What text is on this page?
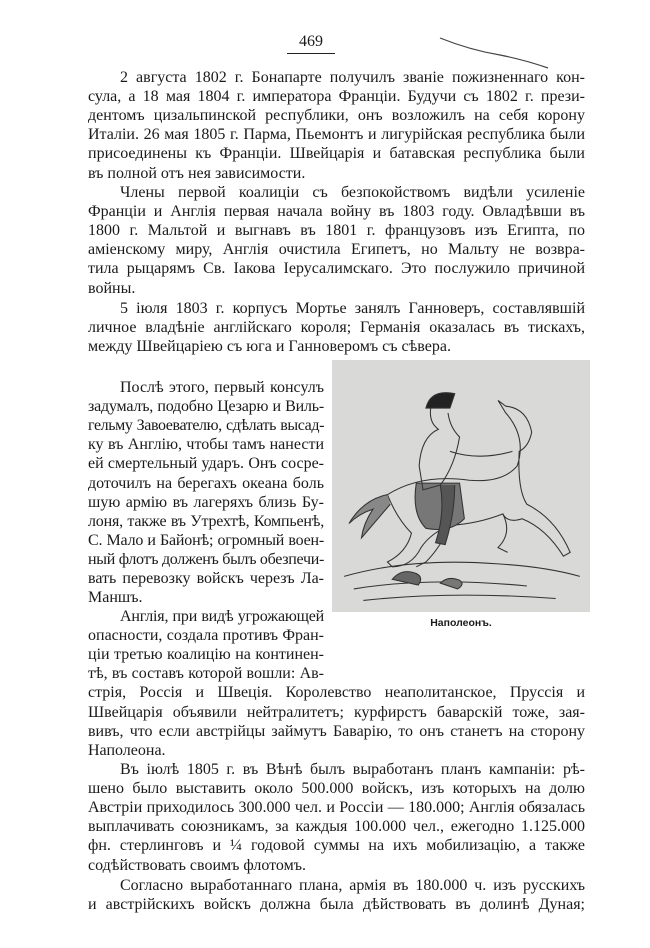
469
2 августа 1802 г. Бонапарте получилъ званіе пожизненнаго кон-
сула, а 18 мая 1804 г. императора Франціи. Будучи съ 1802 г. прези-
дентомъ цизальпинской республики, онъ возложилъ на себя корону
Италіи. 26 мая 1805 г. Парма, Пьемонтъ и лигурійская республика были
присоединены къ Франціи. Швейцарія и батавская республика были
въ полной отъ нея зависимости.
Члены первой коалиціи съ безпокойствомъ видѣли усиленіе
Франціи и Англія первая начала войну въ 1803 году. Овладѣвши въ
1800 г. Мальтой и выгнавъ въ 1801 г. французовъ изъ Египта, по
аміенскому миру, Англія очистила Египетъ, но Мальту не возвра-
тила рыцарямъ Св. Іакова Іерусалимскаго. Это послужило причиной
войны.
5 іюля 1803 г. корпусъ Мортье занялъ Ганноверъ, составлявшій
личное владѣніе англійскаго короля; Германія оказалась въ тискахъ,
между Швейцаріею съ юга и Ганноверомъ съ сѣвера.
Послѣ этого, первый консулъ
задумалъ, подобно Цезарю и Виль-
гельму Завоевателю, сдѣлать высад-
ку въ Англію, чтобы тамъ нанести
ей смертельный ударъ. Онъ сосре-
доточилъ на берегахъ океана боль
шую армію въ лагеряхъ близь Бу-
лоня, также въ Утрехтѣ, Компьенѣ,
С. Мало и Байонѣ; огромный воен-
ный флотъ долженъ былъ обезпечи-
вать перевозку войскъ черезъ Ла-
Маншъ.
Англія, при видѣ угрожающей
опасности, создала противъ Фран-
ціи третью коалицію на континен-
тѣ, въ составъ которой вошли: Ав-
стрія, Россія и Швеція. Королевство неаполитанское, Пруссія и
Швейцарія объявили нейтралитетъ; курфирстъ баварскій тоже, зая-
вивъ, что если австрійцы займутъ Баварію, то онъ станетъ на сторону
Наполеона.
Въ іюлѣ 1805 г. въ Вѣнѣ былъ выработанъ планъ кампаніи: рѣ-
шено было выставить около 500.000 войскъ, изъ которыхъ на долю
Австріи приходилось 300.000 чел. и Россіи — 180.000; Англія обязалась
выплачивать союзникамъ, за каждыя 100.000 чел., ежегодно 1.125.000
фн. стерлинговъ и ¼ годовой суммы на ихъ мобилизацію, а также
содѣйствовать своимъ флотомъ.
Согласно выработаннаго плана, армія въ 180.000 ч. изъ русскихъ
и австрійскихъ войскъ должна была дѣйствовать въ долинѣ Дуная;
Наполеонъ.
